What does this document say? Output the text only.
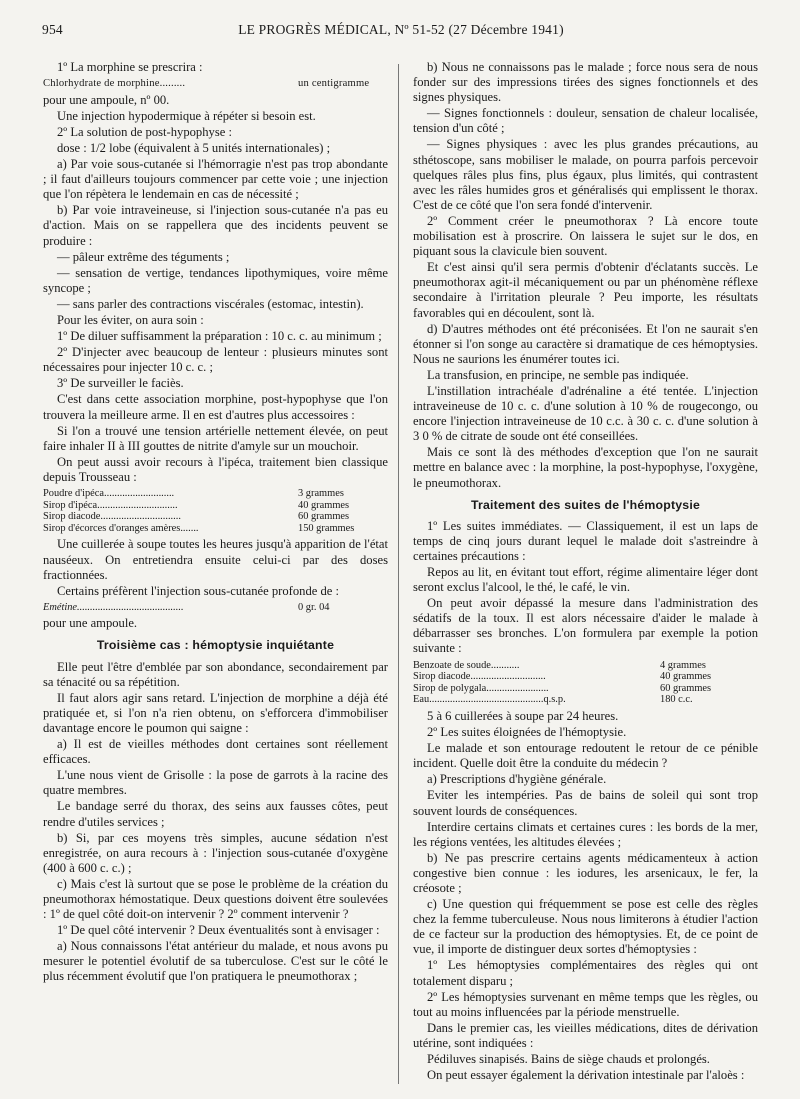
954	LE PROGRÈS MÉDICAL, Nº 51-52 (27 Décembre 1941)

1º La morphine se prescrira :

Chlorhydrate de morphine.........	un centigramme

pour une ampoule, nº 00.

Une injection hypodermique à répéter si besoin est.

2º La solution de post-hypophyse :

dose : 1/2 lobe (équivalent à 5 unités internationales) ;

a) Par voie sous-cutanée si l'hémorragie n'est pas trop abondante ; il faut d'ailleurs toujours commencer par cette voie ; une injection que l'on répètera le lendemain en cas de nécessité ;

b) Par voie intraveineuse, si l'injection sous-cutanée n'a pas eu d'action. Mais on se rappellera que des incidents peuvent se produire :

— pâleur extrême des téguments ;

— sensation de vertige, tendances lipothymiques, voire même syncope ;

— sans parler des contractions viscérales (estomac, intestin).

Pour les éviter, on aura soin :

1º De diluer suffisamment la préparation : 10 c. c. au minimum ;

2º D'injecter avec beaucoup de lenteur : plusieurs minutes sont nécessaires pour injecter 10 c. c. ;

3º De surveiller le faciès.

C'est dans cette association morphine, post-hypophyse que l'on trouvera la meilleure arme. Il en est d'autres plus accessoires :

Si l'on a trouvé une tension artérielle nettement élevée, on peut faire inhaler II à III gouttes de nitrite d'amyle sur un mouchoir.

On peut aussi avoir recours à l'ipéca, traitement bien classique depuis Trousseau :

Poudre d'ipéca...........................	3 grammes
Sirop d'ipéca...............................	40 grammes
Sirop diacode...............................	60 grammes
Sirop d'écorces d'oranges amères.......	150 grammes

Une cuillerée à soupe toutes les heures jusqu'à apparition de l'état nauséeux. On entretiendra ensuite celui-ci par des doses fractionnées.

Certains préfèrent l'injection sous-cutanée profonde de :

Emétine.........................................	0 gr. 04

pour une ampoule.

Troisième cas : hémoptysie inquiétante

Elle peut l'être d'emblée par son abondance, secondairement par sa ténacité ou sa répétition.

Il faut alors agir sans retard. L'injection de morphine a déjà été pratiquée et, si l'on n'a rien obtenu, on s'efforcera d'immobiliser davantage encore le poumon qui saigne :

a) Il est de vieilles méthodes dont certaines sont réellement efficaces.

L'une nous vient de Grisolle : la pose de garrots à la racine des quatre membres.

Le bandage serré du thorax, des seins aux fausses côtes, peut rendre d'utiles services ;

b) Si, par ces moyens très simples, aucune sédation n'est enregistrée, on aura recours à : l'injection sous-cutanée d'oxygène (400 à 600 c. c.) ;

c) Mais c'est là surtout que se pose le problème de la création du pneumothorax hémostatique. Deux questions doivent être soulevées : 1º de quel côté doit-on intervenir ? 2º comment intervenir ?

1º De quel côté intervenir ? Deux éventualités sont à envisager :

a) Nous connaissons l'état antérieur du malade, et nous avons pu mesurer le potentiel évolutif de sa tuberculose. C'est sur le côté le plus récemment évolutif que l'on pratiquera le pneumothorax ;

b) Nous ne connaissons pas le malade ; force nous sera de nous fonder sur des impressions tirées des signes fonctionnels et des signes physiques.

— Signes fonctionnels : douleur, sensation de chaleur localisée, tension d'un côté ;

— Signes physiques : avec les plus grandes précautions, au sthétoscope, sans mobiliser le malade, on pourra parfois percevoir quelques râles plus fins, plus égaux, plus limités, qui contrastent avec les râles humides gros et généralisés qui emplissent le thorax. C'est de ce côté que l'on sera fondé d'intervenir.

2º Comment créer le pneumothorax ? Là encore toute mobilisation est à proscrire. On laissera le sujet sur le dos, en piquant sous la clavicule bien souvent.

Et c'est ainsi qu'il sera permis d'obtenir d'éclatants succès. Le pneumothorax agit-il mécaniquement ou par un phénomène réflexe secondaire à l'irritation pleurale ? Peu importe, les résultats favorables qui en découlent, sont là.

d) D'autres méthodes ont été préconisées. Et l'on ne saurait s'en étonner si l'on songe au caractère si dramatique de ces hémoptysies. Nous ne saurions les énumérer toutes ici.

La transfusion, en principe, ne semble pas indiquée.

L'instillation intrachéale d'adrénaline a été tentée. L'injection intraveineuse de 10 c. c. d'une solution à 10 % de rougecongo, ou encore l'injection intraveineuse de 10 c.c. à 30 c. c. d'une solution à 3 0 % de citrate de soude ont été conseillées.

Mais ce sont là des méthodes d'exception que l'on ne saurait mettre en balance avec : la morphine, la post-hypophyse, l'oxygène, le pneumothorax.

Traitement des suites de l'hémoptysie

1º Les suites immédiates. — Classiquement, il est un laps de temps de cinq jours durant lequel le malade doit s'astreindre à certaines précautions :

Repos au lit, en évitant tout effort, régime alimentaire léger dont seront exclus l'alcool, le thé, le café, le vin.

On peut avoir dépassé la mesure dans l'administration des sédatifs de la toux. Il est alors nécessaire d'aider le malade à débarrasser ses bronches. L'on formulera par exemple la potion suivante :

Benzoate de soude...........	4 grammes
Sirop diacode.............................	40 grammes
Sirop de polygala........................	60 grammes
Eau............................................q.s.p.	180 c.c.

5 à 6 cuillerées à soupe par 24 heures.

2º Les suites éloignées de l'hémoptysie.

Le malade et son entourage redoutent le retour de ce pénible incident. Quelle doit être la conduite du médecin ?

a) Prescriptions d'hygiène générale.

Eviter les intempéries. Pas de bains de soleil qui sont trop souvent lourds de conséquences.

Interdire certains climats et certaines cures : les bords de la mer, les régions ventées, les altitudes élevées ;

b) Ne pas prescrire certains agents médicamenteux à action congestive bien connue : les iodures, les arsenicaux, le fer, la créosote ;

c) Une question qui fréquemment se pose est celle des règles chez la femme tuberculeuse. Nous nous limiterons à étudier l'action de ce facteur sur la production des hémoptysies. Et, de ce point de vue, il importe de distinguer deux sortes d'hémoptysies :

1º Les hémoptysies complémentaires des règles qui ont totalement disparu ;

2º Les hémoptysies survenant en même temps que les règles, ou tout au moins influencées par la période menstruelle.

Dans le premier cas, les vieilles médications, dites de dérivation utérine, sont indiquées :

Pédiluves sinapisés. Bains de siège chauds et prolongés.

On peut essayer également la dérivation intestinale par l'aloès :
